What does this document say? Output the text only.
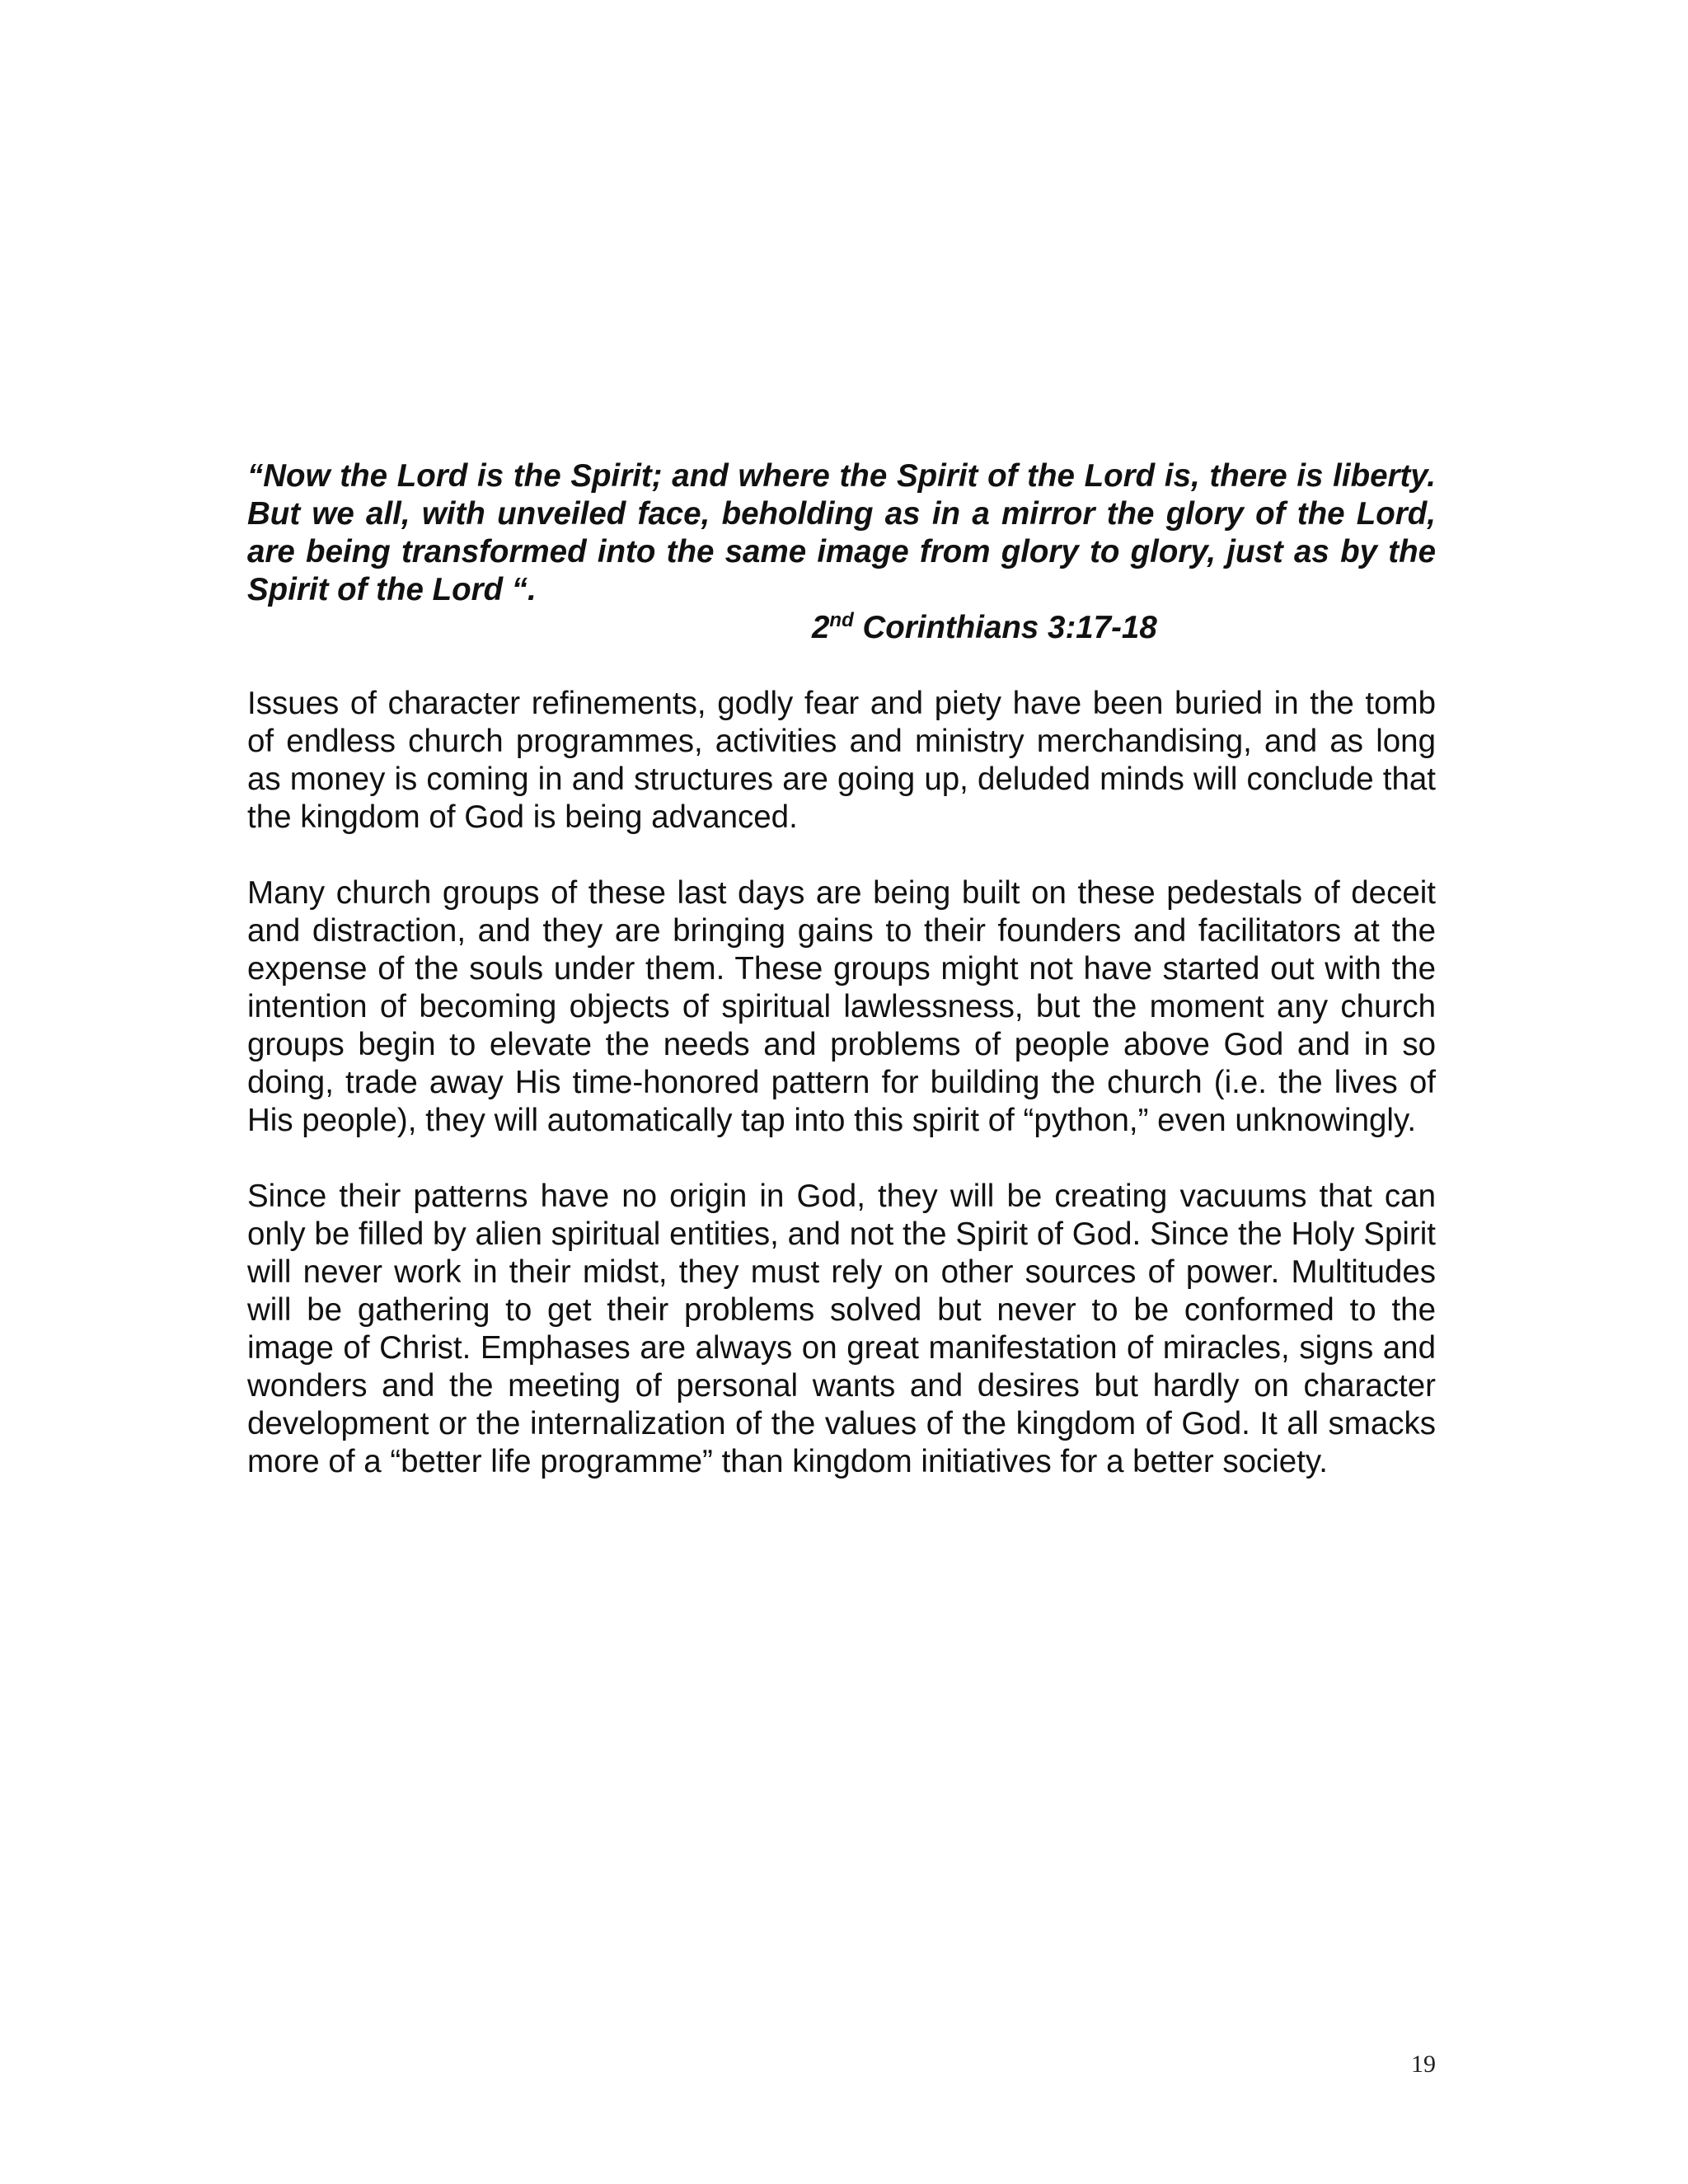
“Now the Lord is the Spirit; and where the Spirit of the Lord is, there is liberty. But we all, with unveiled face, beholding as in a mirror the glory of the Lord, are being transformed into the same image from glory to glory, just as by the Spirit of the Lord “.

2nd Corinthians 3:17-18

Issues of character refinements, godly fear and piety have been buried in the tomb of endless church programmes, activities and ministry merchandising, and as long as money is coming in and structures are going up, deluded minds will conclude that the kingdom of God is being advanced.

Many church groups of these last days are being built on these pedestals of deceit and distraction, and they are bringing gains to their founders and facilitators at the expense of the souls under them. These groups might not have started out with the intention of becoming objects of spiritual lawlessness, but the moment any church groups begin to elevate the needs and problems of people above God and in so doing, trade away His time-honored pattern for building the church (i.e. the lives of His people), they will automatically tap into this spirit of “python,” even unknowingly.

Since their patterns have no origin in God, they will be creating vacuums that can only be filled by alien spiritual entities, and not the Spirit of God. Since the Holy Spirit will never work in their midst, they must rely on other sources of power. Multitudes will be gathering to get their problems solved but never to be conformed to the image of Christ. Emphases are always on great manifestation of miracles, signs and wonders and the meeting of personal wants and desires but hardly on character development or the internalization of the values of the kingdom of God. It all smacks more of a “better life programme” than kingdom initiatives for a better society.

19
